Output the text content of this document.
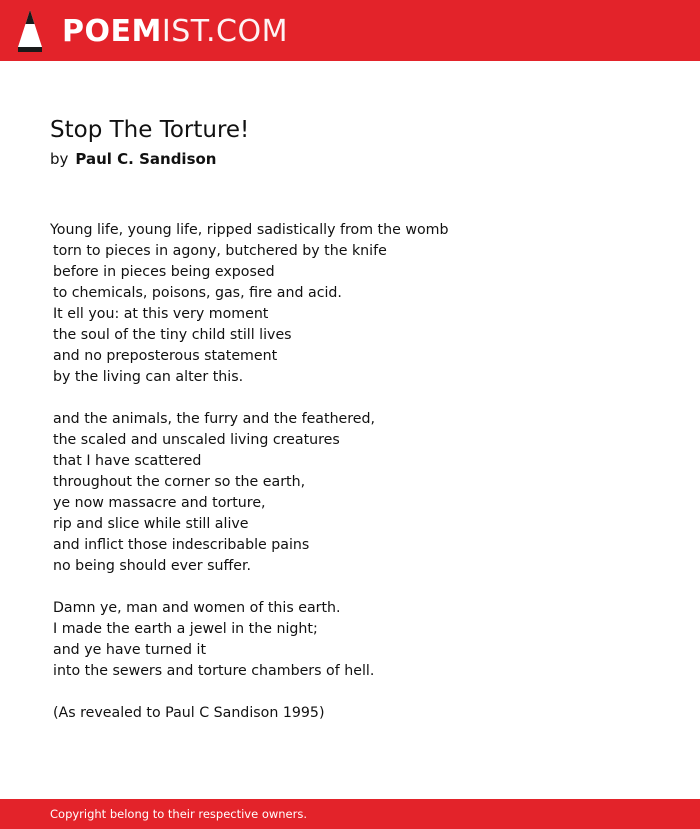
POEM IST.COM
Stop The Torture!
by Paul C. Sandison
Young life, young life, ripped sadistically from the womb
torn to pieces in agony, butchered by the knife
before in pieces being exposed
to chemicals, poisons, gas, fire and acid.
It ell you: at this very moment
the soul of the tiny child still lives
and no preposterous statement
by the living can alter this.
and the animals, the furry and the feathered,
the scaled and unscaled living creatures
that I have scattered
throughout the corner so the earth,
ye now massacre and torture,
rip and slice while still alive
and inflict those indescribable pains
no being should ever suffer.
Damn ye, man and women of this earth.
I made the earth a jewel in the night;
and ye have turned it
into the sewers and torture chambers of hell.
(As revealed to Paul C Sandison 1995)
Copyright belong to their respective owners.
